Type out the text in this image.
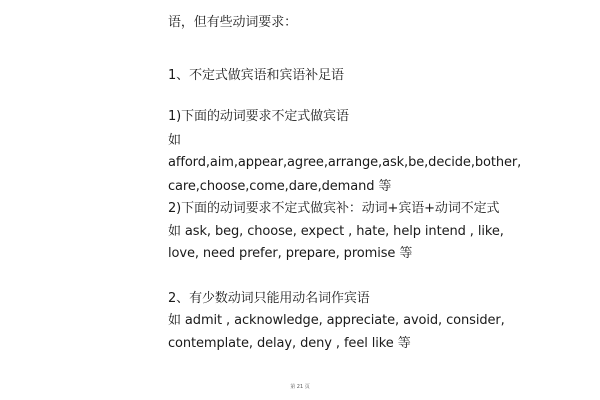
语，但有些动词要求：

1、不定式做宾语和宾语补足语

1)下面的动词要求不定式做宾语

如

afford,aim,appear,agree,arrange,ask,be,decide,bother,

care,choose,come,dare,demand 等

2)下面的动词要求不定式做宾补：动词+宾语+动词不定式

如 ask, beg, choose, expect , hate, help intend , like,

love, need prefer, prepare, promise 等

2、有少数动词只能用动名词作宾语

如 admit , acknowledge, appreciate, avoid, consider,

contemplate, delay, deny , feel like 等

第 21 页
